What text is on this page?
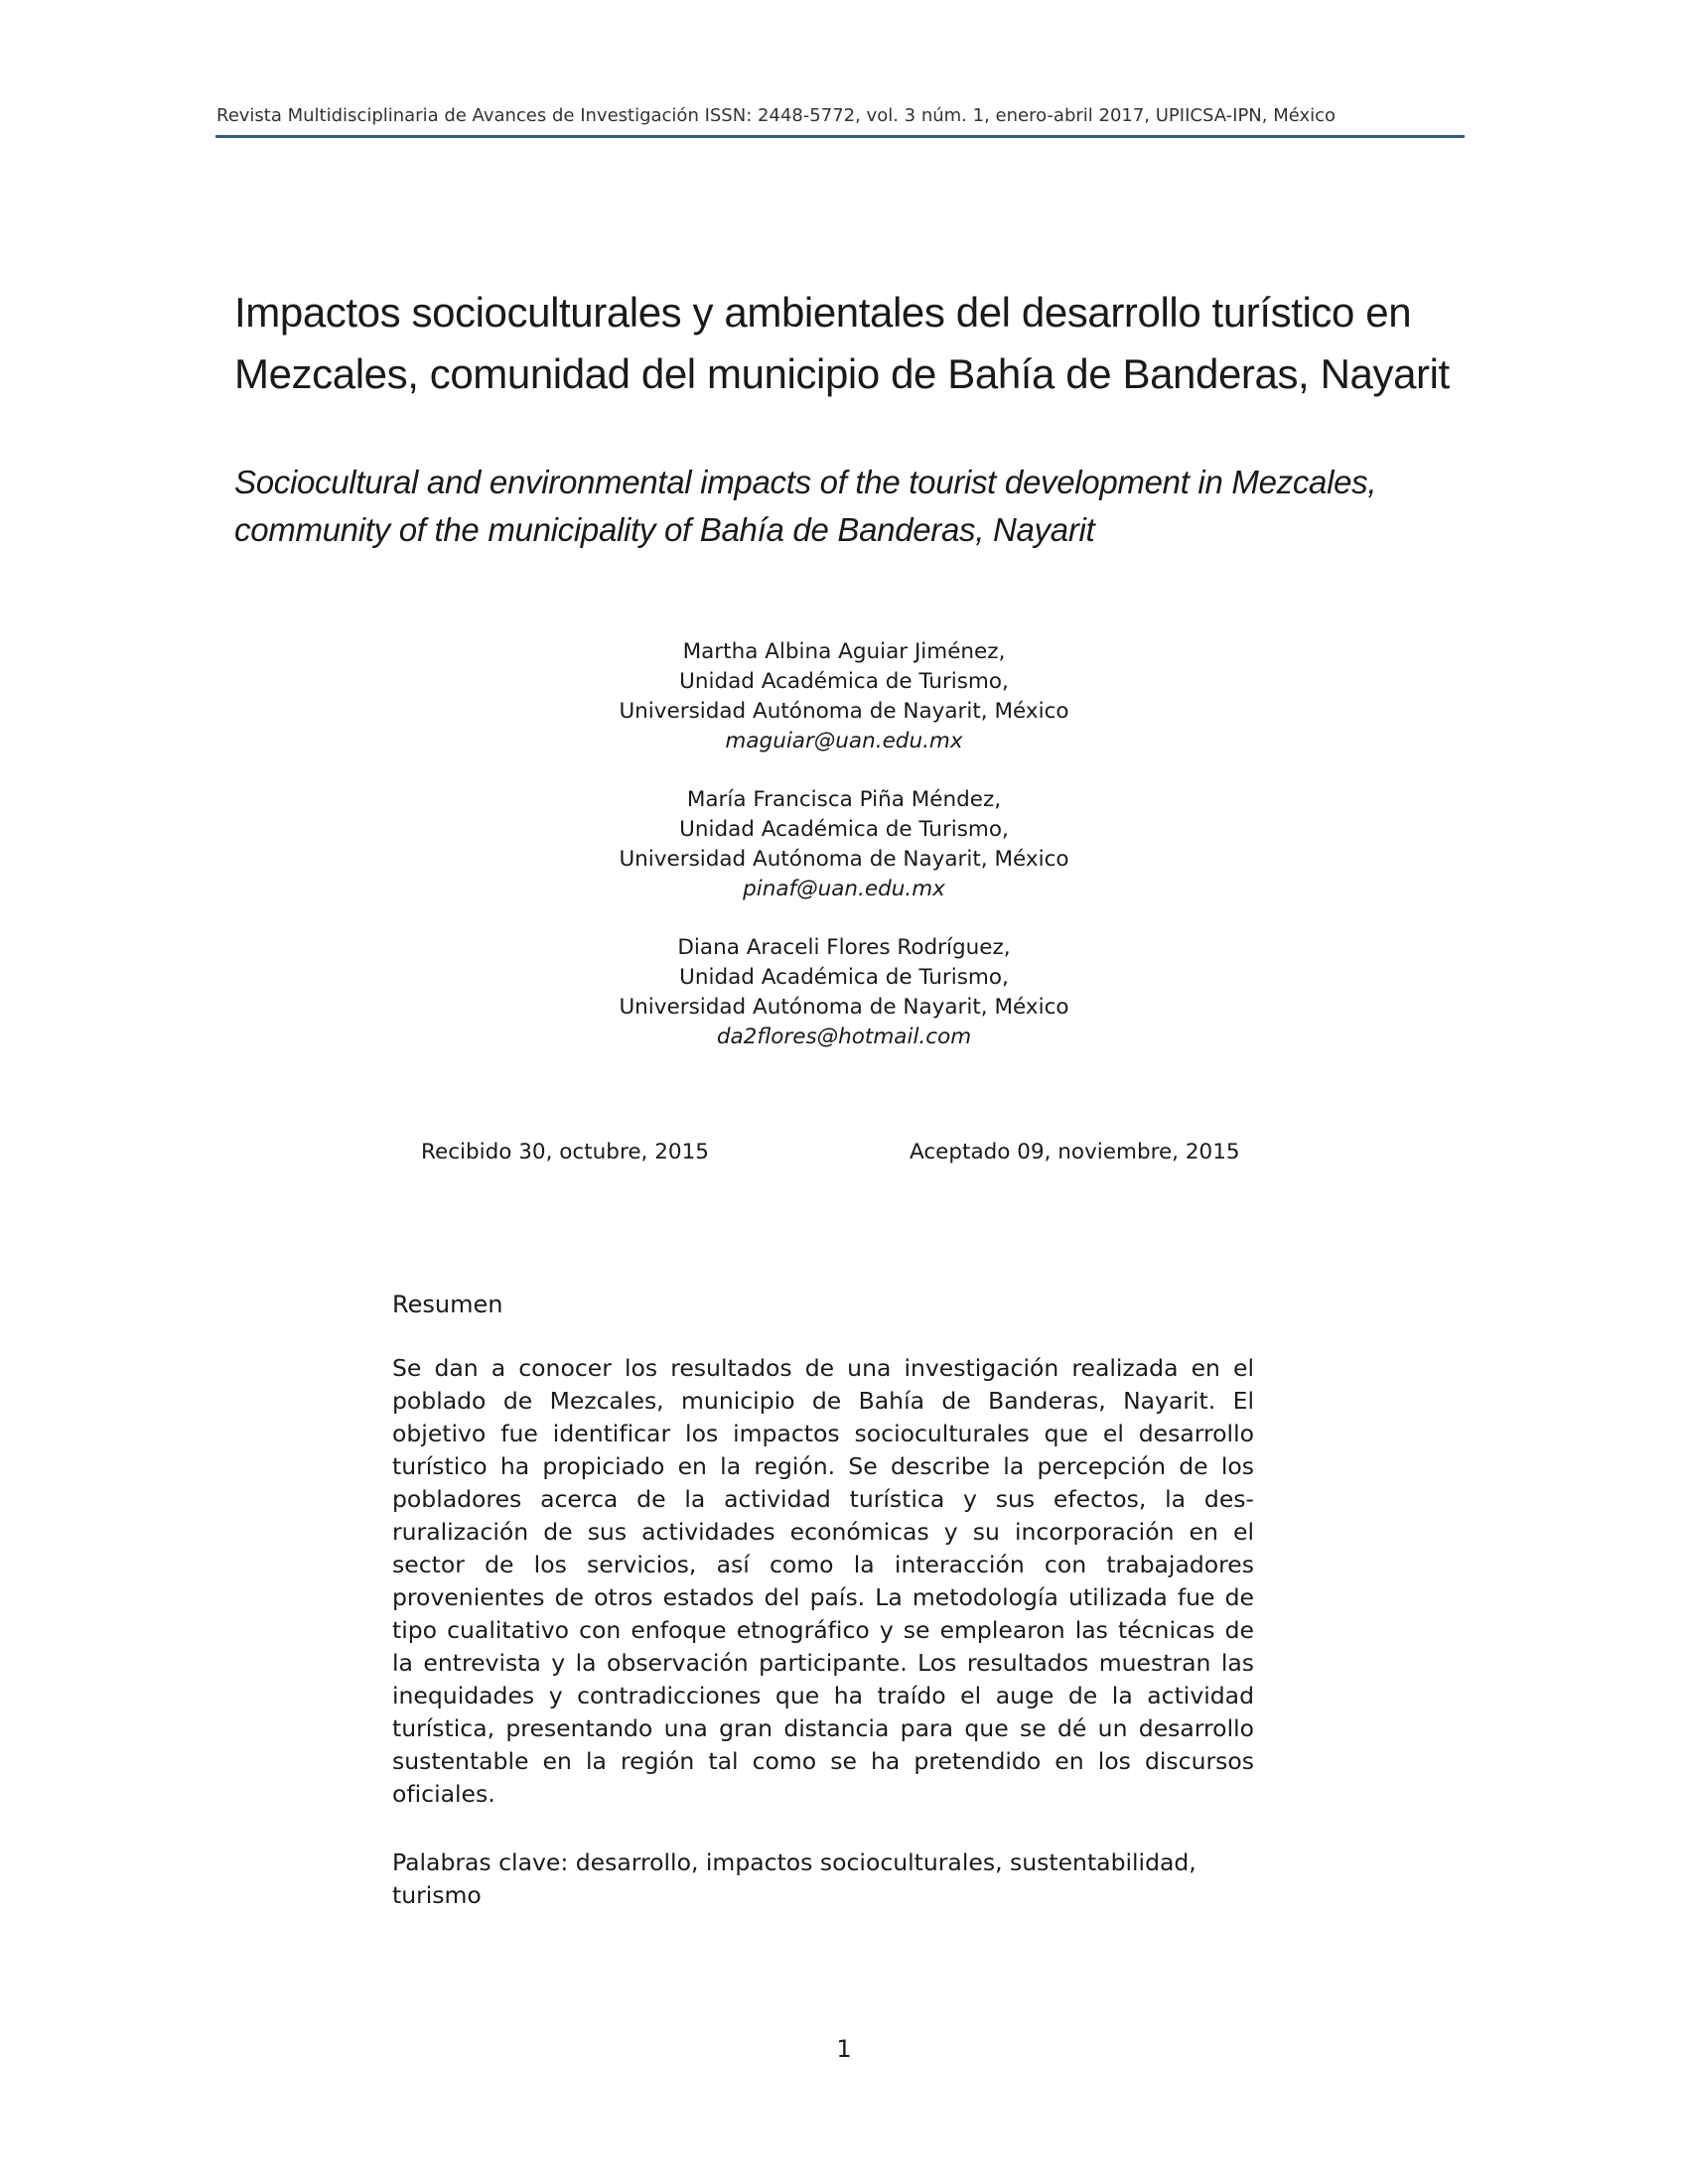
Revista Multidisciplinaria de Avances de Investigación ISSN: 2448-5772, vol. 3 núm. 1, enero-abril 2017, UPIICSA-IPN, México
Impactos socioculturales y ambientales del desarrollo turístico en Mezcales, comunidad del municipio de Bahía de Banderas, Nayarit
Sociocultural and environmental impacts of the tourist development in Mezcales, community of the municipality of Bahía de Banderas, Nayarit
Martha Albina Aguiar Jiménez,
Unidad Académica de Turismo,
Universidad Autónoma de Nayarit, México
maguiar@uan.edu.mx
María Francisca Piña Méndez,
Unidad Académica de Turismo,
Universidad Autónoma de Nayarit, México
pinaf@uan.edu.mx
Diana Araceli Flores Rodríguez,
Unidad Académica de Turismo,
Universidad Autónoma de Nayarit, México
da2flores@hotmail.com
Recibido 30, octubre, 2015	Aceptado 09, noviembre, 2015
Resumen

Se dan a conocer los resultados de una investigación realizada en el poblado de Mezcales, municipio de Bahía de Banderas, Nayarit. El objetivo fue identificar los impactos socioculturales que el desarrollo turístico ha propiciado en la región. Se describe la percepción de los pobladores acerca de la actividad turística y sus efectos, la desruralización de sus actividades económicas y su incorporación en el sector de los servicios, así como la interacción con trabajadores provenientes de otros estados del país. La metodología utilizada fue de tipo cualitativo con enfoque etnográfico y se emplearon las técnicas de la entrevista y la observación participante. Los resultados muestran las inequidades y contradicciones que ha traído el auge de la actividad turística, presentando una gran distancia para que se dé un desarrollo sustentable en la región tal como se ha pretendido en los discursos oficiales.

Palabras clave: desarrollo, impactos socioculturales, sustentabilidad, turismo

1
